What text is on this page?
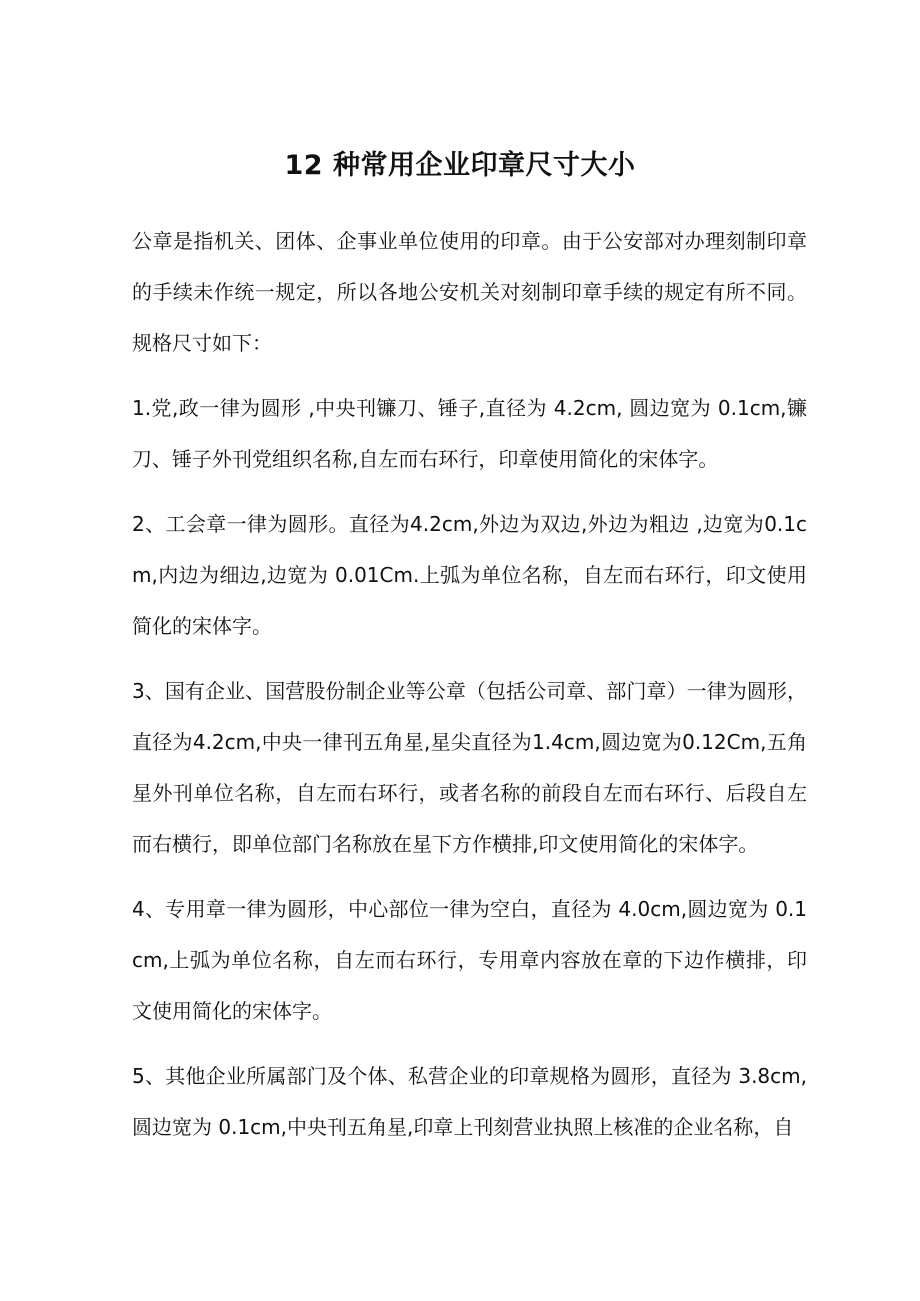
12 种常用企业印章尺寸大小

公章是指机关、团体、企事业单位使用的印章。由于公安部对办理刻制印章的手续未作统一规定，所以各地公安机关对刻制印章手续的规定有所不同。规格尺寸如下：

1.党,政一律为圆形 ,中央刊镰刀、锤子,直径为 4.2cm, 圆边宽为 0.1cm,镰刀、锤子外刊党组织名称,自左而右环行，印章使用简化的宋体字。

2、工会章一律为圆形。直径为4.2cm,外边为双边,外边为粗边 ,边宽为0.1cm,内边为细边,边宽为 0.01Cm.上弧为单位名称，自左而右环行，印文使用简化的宋体字。

3、国有企业、国营股份制企业等公章（包括公司章、部门章）一律为圆形，直径为4.2cm,中央一律刊五角星,星尖直径为1.4cm,圆边宽为0.12Cm,五角星外刊单位名称，自左而右环行，或者名称的前段自左而右环行、后段自左而右横行，即单位部门名称放在星下方作横排,印文使用简化的宋体字。

4、专用章一律为圆形，中心部位一律为空白，直径为 4.0cm,圆边宽为 0.1cm,上弧为单位名称，自左而右环行，专用章内容放在章的下边作横排，印文使用简化的宋体字。

5、其他企业所属部门及个体、私营企业的印章规格为圆形，直径为 3.8cm,圆边宽为 0.1cm,中央刊五角星,印章上刊刻营业执照上核准的企业名称，自
